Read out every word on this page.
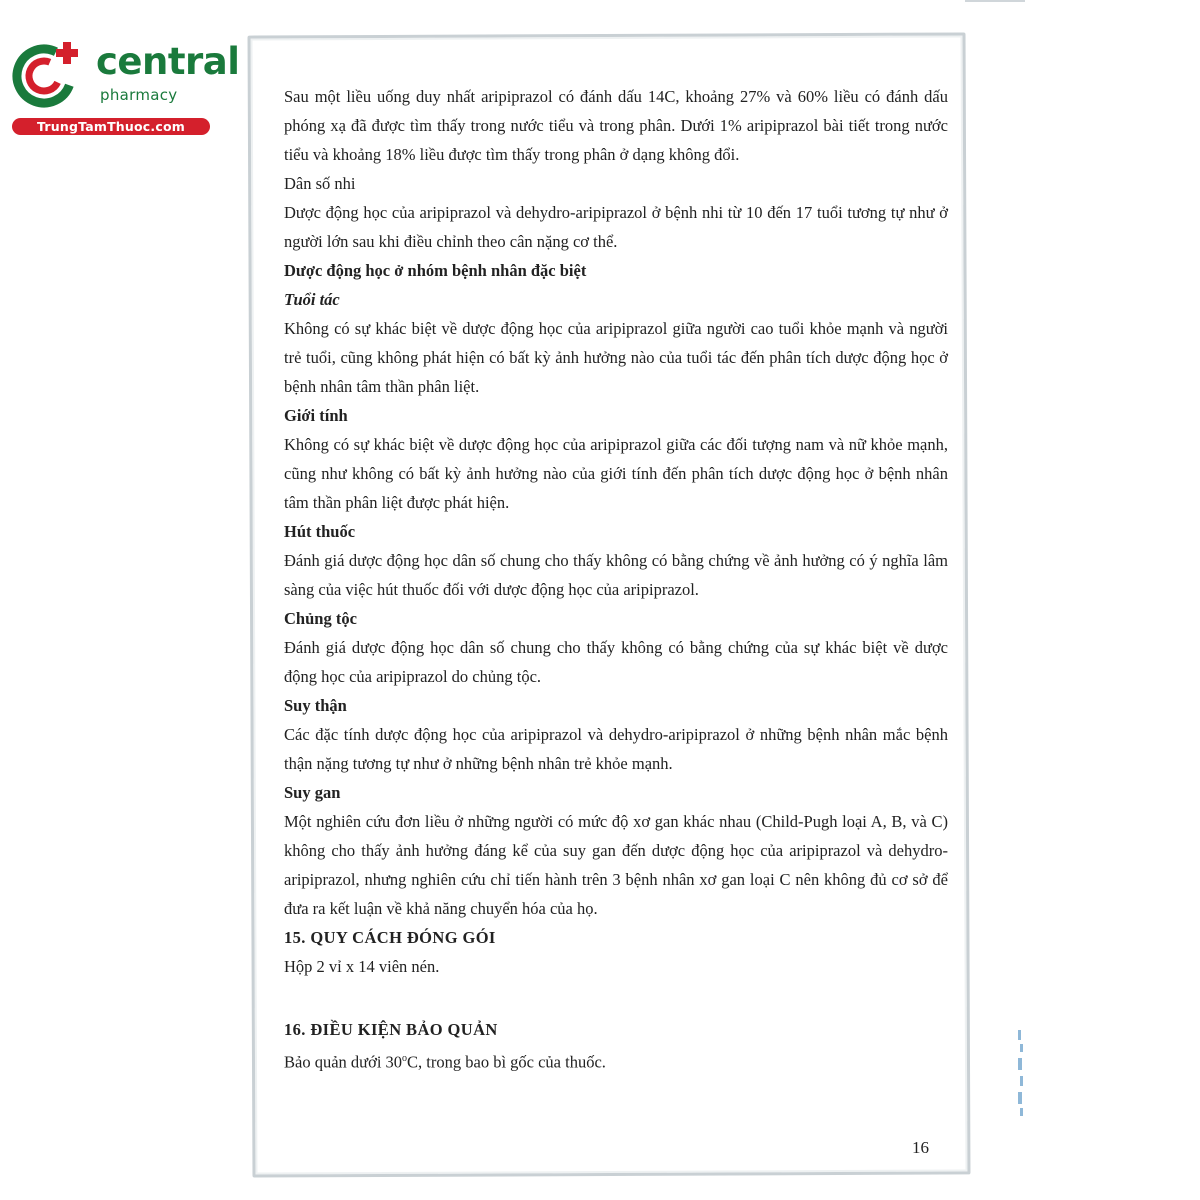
central
pharmacy
TrungTamThuoc.com

Sau một liều uống duy nhất aripiprazol có đánh dấu 14C, khoảng 27% và 60% liều có đánh dấu phóng xạ đã được tìm thấy trong nước tiểu và trong phân. Dưới 1% aripiprazol bài tiết trong nước tiểu và khoảng 18% liều được tìm thấy trong phân ở dạng không đổi.

Dân số nhi

Dược động học của aripiprazol và dehydro-aripiprazol ở bệnh nhi từ 10 đến 17 tuổi tương tự như ở người lớn sau khi điều chỉnh theo cân nặng cơ thể.

Dược động học ở nhóm bệnh nhân đặc biệt

Tuổi tác

Không có sự khác biệt về dược động học của aripiprazol giữa người cao tuổi khỏe mạnh và người trẻ tuổi, cũng không phát hiện có bất kỳ ảnh hưởng nào của tuổi tác đến phân tích dược động học ở bệnh nhân tâm thần phân liệt.

Giới tính

Không có sự khác biệt về dược động học của aripiprazol giữa các đối tượng nam và nữ khỏe mạnh, cũng như không có bất kỳ ảnh hưởng nào của giới tính đến phân tích dược động học ở bệnh nhân tâm thần phân liệt được phát hiện.

Hút thuốc

Đánh giá dược động học dân số chung cho thấy không có bằng chứng về ảnh hưởng có ý nghĩa lâm sàng của việc hút thuốc đối với dược động học của aripiprazol.

Chủng tộc

Đánh giá dược động học dân số chung cho thấy không có bằng chứng của sự khác biệt về dược động học của aripiprazol do chủng tộc.

Suy thận

Các đặc tính dược động học của aripiprazol và dehydro-aripiprazol ở những bệnh nhân mắc bệnh thận nặng tương tự như ở những bệnh nhân trẻ khỏe mạnh.

Suy gan

Một nghiên cứu đơn liều ở những người có mức độ xơ gan khác nhau (Child-Pugh loại A, B, và C) không cho thấy ảnh hưởng đáng kể của suy gan đến dược động học của aripiprazol và dehydro-aripiprazol, nhưng nghiên cứu chỉ tiến hành trên 3 bệnh nhân xơ gan loại C nên không đủ cơ sở để đưa ra kết luận về khả năng chuyển hóa của họ.

15. QUY CÁCH ĐÓNG GÓI

Hộp 2 vỉ x 14 viên nén.

16. ĐIỀU KIỆN BẢO QUẢN

Bảo quản dưới 30$^o$C, trong bao bì gốc của thuốc.

16
